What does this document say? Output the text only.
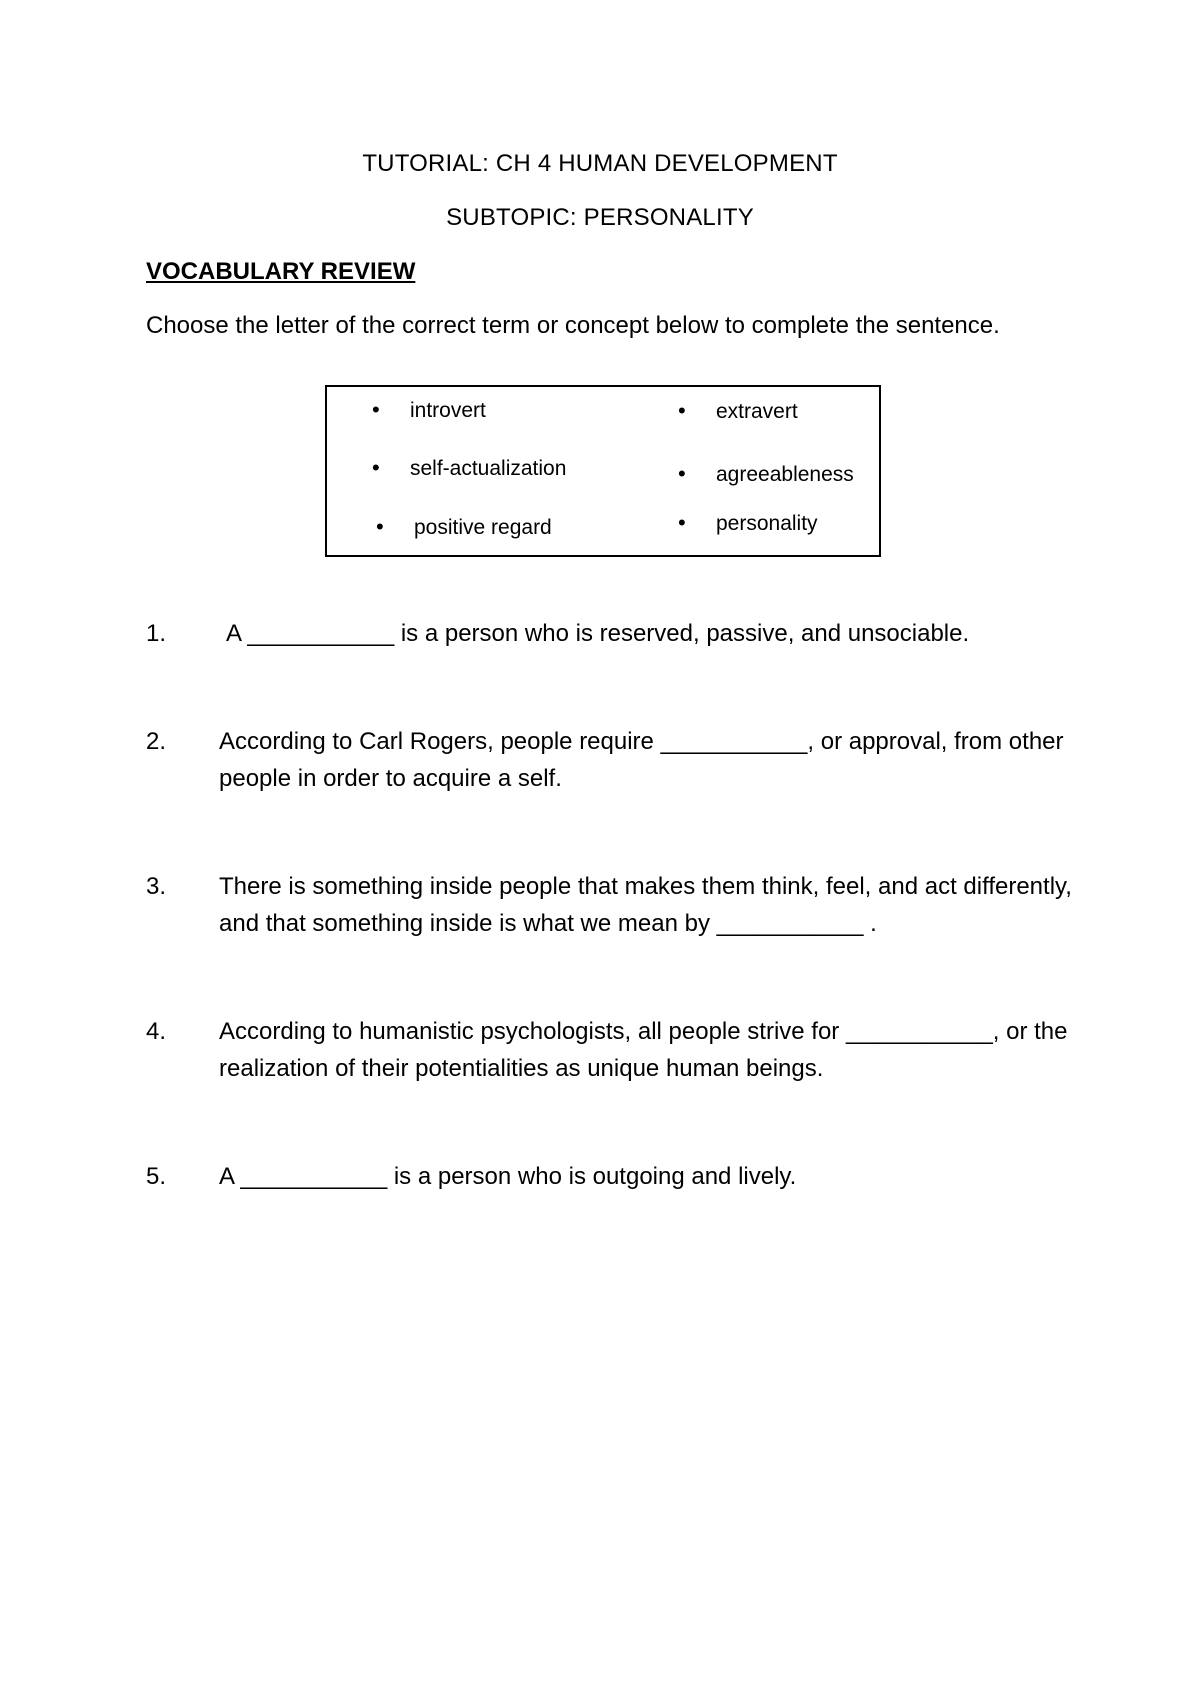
TUTORIAL: CH 4 HUMAN DEVELOPMENT
SUBTOPIC: PERSONALITY
VOCABULARY REVIEW
Choose the letter of the correct term or concept below to complete the sentence.
• introvert	• extravert
• self-actualization	• agreeableness
• positive regard	• personality
1. A ___________ is a person who is reserved, passive, and unsociable.
2. According to Carl Rogers, people require ___________, or approval, from other people in order to acquire a self.
3. There is something inside people that makes them think, feel, and act differently, and that something inside is what we mean by ___________ .
4. According to humanistic psychologists, all people strive for ___________, or the realization of their potentialities as unique human beings.
5. A ___________ is a person who is outgoing and lively.
